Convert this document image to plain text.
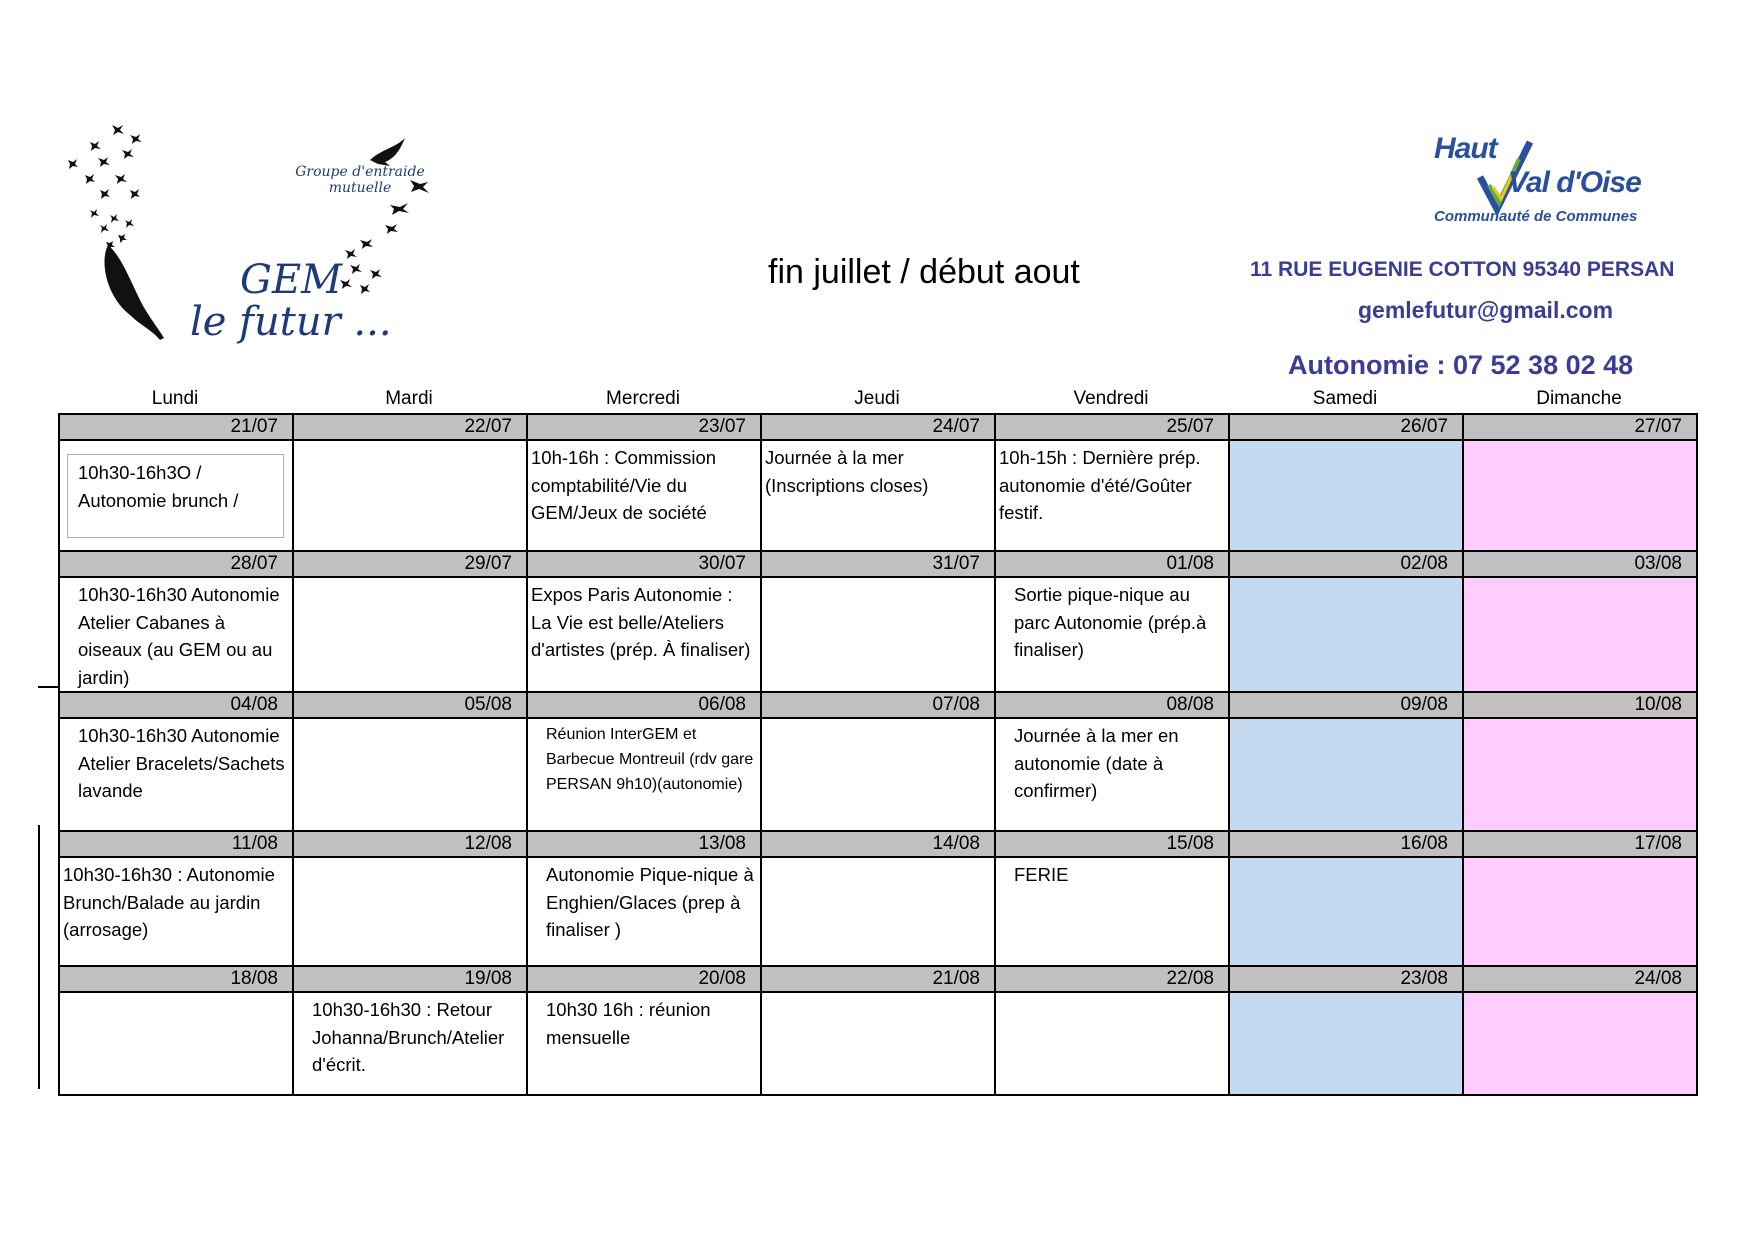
Groupe d'entraide mutuelle
GEM
le futur ...
fin juillet / début aout
Haut
Val d'Oise
Communauté de Communes
11 RUE EUGENIE COTTON 95340 PERSAN
gemlefutur@gmail.com
Autonomie : 07 52 38 02 48
Lundi	Mardi	Mercredi	Jeudi	Vendredi	Samedi	Dimanche
21/07	22/07	23/07	24/07	25/07	26/07	27/07

10h30-16h3O / Autonomie brunch /		10h-16h : Commission comptabilité/Vie du GEM/Jeux de société	Journée à la mer (Inscriptions closes)	10h-15h : Dernière prép. autonomie d'été/Goûter festif.		
28/07	29/07	30/07	31/07	01/08	02/08	03/08
10h30-16h30 Autonomie Atelier Cabanes à oiseaux (au GEM ou au jardin)		Expos Paris Autonomie : La Vie est belle/Ateliers d'artistes (prép. À finaliser)		Sortie pique-nique au parc Autonomie (prép.à finaliser)		
04/08	05/08	06/08	07/08	08/08	09/08	10/08
10h30-16h30 Autonomie Atelier Bracelets/Sachets lavande		Réunion InterGEM et Barbecue Montreuil (rdv gare PERSAN 9h10)(autonomie)		Journée à la mer en autonomie (date à confirmer)		
11/08	12/08	13/08	14/08	15/08	16/08	17/08
10h30-16h30 : Autonomie Brunch/Balade au jardin (arrosage)		Autonomie Pique-nique à Enghien/Glaces (prep à finaliser )		FERIE		
18/08	19/08	20/08	21/08	22/08	23/08	24/08
	10h30-16h30 : Retour Johanna/Brunch/Atelier d'écrit.	10h30 16h : réunion mensuelle				
